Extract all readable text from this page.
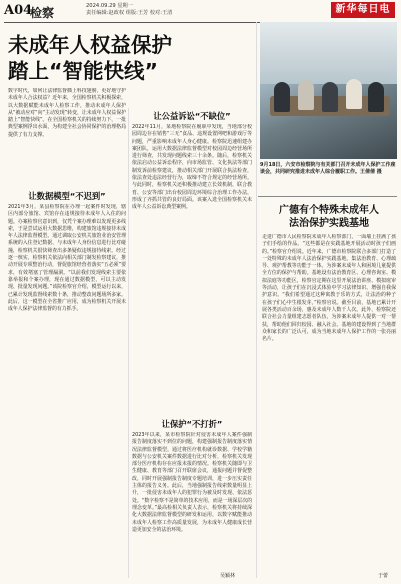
A04
检察	2024.09.29 星期一
责任编辑:赵政权 组版:王芳 校对:王清	新华每日电
未成年人权益保护
踏上“智能快线”
数字时代，如何让法律监督插上科技翅膀，更好地守护未成年人合法权益？近年来，全国检察机关积极探索，以大数据赋能未成年人检察工作，推动未成年人保护从“被动应对”向“主动发现”转变，让未成年人权益保护踏上“智能快线”。在全国检察机关的持续努力下，一批典型案例浮出水面，为构建全社会协同保护的治理格局提供了有力支撑。
让数据模型“不迟到”
2021年3月，某县检察院在办理一起案件时发现，辖区内部分旅馆、宾馆存在违规接待未成年人入住的问题。办案检察官意识到，仅凭个案办理难以发现更多线索，于是尝试运用大数据思维，构建旅馆违规接待未成年人法律监督模型。通过调取公安机关旅馆业治安管理系统的入住登记数据，与未成年人身份信息进行比对碰撞，检察机关很快筛查出多条疑似违规接待线索。经过逐一核实，检察机关依法向相关部门制发检察建议，推动开展专项整治行动，督促旅馆经营者落实“五必须”要求，有效堵塞了管理漏洞。“以前我们发现线索主要依靠举报和个案办理，现在通过数据模型，可以主动发现、批量发现问题。”该院检察官介绍，模型运行以来，已累计发现监督线索数十条，推动整改问题场所多家。此后，这一模型在全省推广应用，成为检察机关开展未成年人保护法律监督的有力抓手。
让公益诉讼“不缺位”
2022年11月，某地检察院在履职中发现，当地部分校园周边存在销售“三无”食品、违规设置网吧和游戏厅等问题，严重影响未成年人身心健康。检察院迅速组建办案团队，运用大数据法律监督模型对校园周边经营场所进行筛查，共发现问题线索三十余条。随后，检察机关依法启动公益诉讼程序，向市场监管、文化执法等部门制发诉前检察建议，推动相关部门开展联合执法检查，依法查处违法经营行为，取缔不符合规定的经营场所。与此同时，检察机关还积极推动建立长效机制，联合教育、公安等部门出台校园周边环境综合治理工作办法，形成了齐抓共管的良好局面。该案入选全国检察机关未成年人公益诉讼典型案例。
让保护“不打折”
2023年以来，某市检察院针对侵害未成年人案件强制报告制度落实不到位的问题，构建强制报告制度落实情况法律监督模型。通过将医疗机构就诊数据、学校学籍数据与公安机关案件数据进行比对分析，检察机关发现部分医疗机构存在应报未报的情况。检察机关随即与卫生健康、教育等部门召开联席会议，通报问题并督促整改，同时开展强制报告制度专题培训，进一步压实责任主体的报告义务。此后，当地强制报告线索数量明显上升，一批侵害未成年人的犯罪行为被及时发现、依法惩处。“数字检察不是简单的技术应用，而是一场深层次的理念变革。”最高检相关负责人表示，检察机关将持续深化大数据法律监督模型的研发和运用，以数字赋能推动未成年人检察工作高质量发展，为未成年人健康成长营造更加安全的法治环境。
吴颖林
9月18日，六安市检察院与有关部门召开未成年人保护工作座谈会，共同研究推进未成年人综合履职工作。王倩倩 摄
广德有个特殊未成年人
法治保护实践基地
走进广德市人民检察院未成年人检察部门，一面墙上挂满了孩子们手绘的作品。“这些都是在实践基地开展活动时孩子们画的。”检察官介绍说。近年来，广德市检察院联合多部门打造了一处特殊的未成年人法治保护实践基地，集法治教育、心理疏导、观护帮教等功能于一体，为涉案未成年人和困境儿童提供全方位的保护与帮助。基地设有法治教育区、心理咨询室、模拟法庭等功能区，检察官定期在这里开展法治讲座、模拟庭审等活动，让孩子们在沉浸式体验中学习法律知识、增强自我保护意识。“我们希望通过这种寓教于乐的方式，让法治的种子在孩子们心中生根发芽。”检察官说。截至目前，基地已累计开展各类活动百余场，惠及未成年人数千人次。此外，检察院还联合社会力量组建志愿者队伍，为涉案未成年人提供一对一帮扶，帮助他们回归校园、融入社会。基地的建设得到了当地群众和家长的广泛认可，成为当地未成年人保护工作的一张亮丽名片。
于蕾
